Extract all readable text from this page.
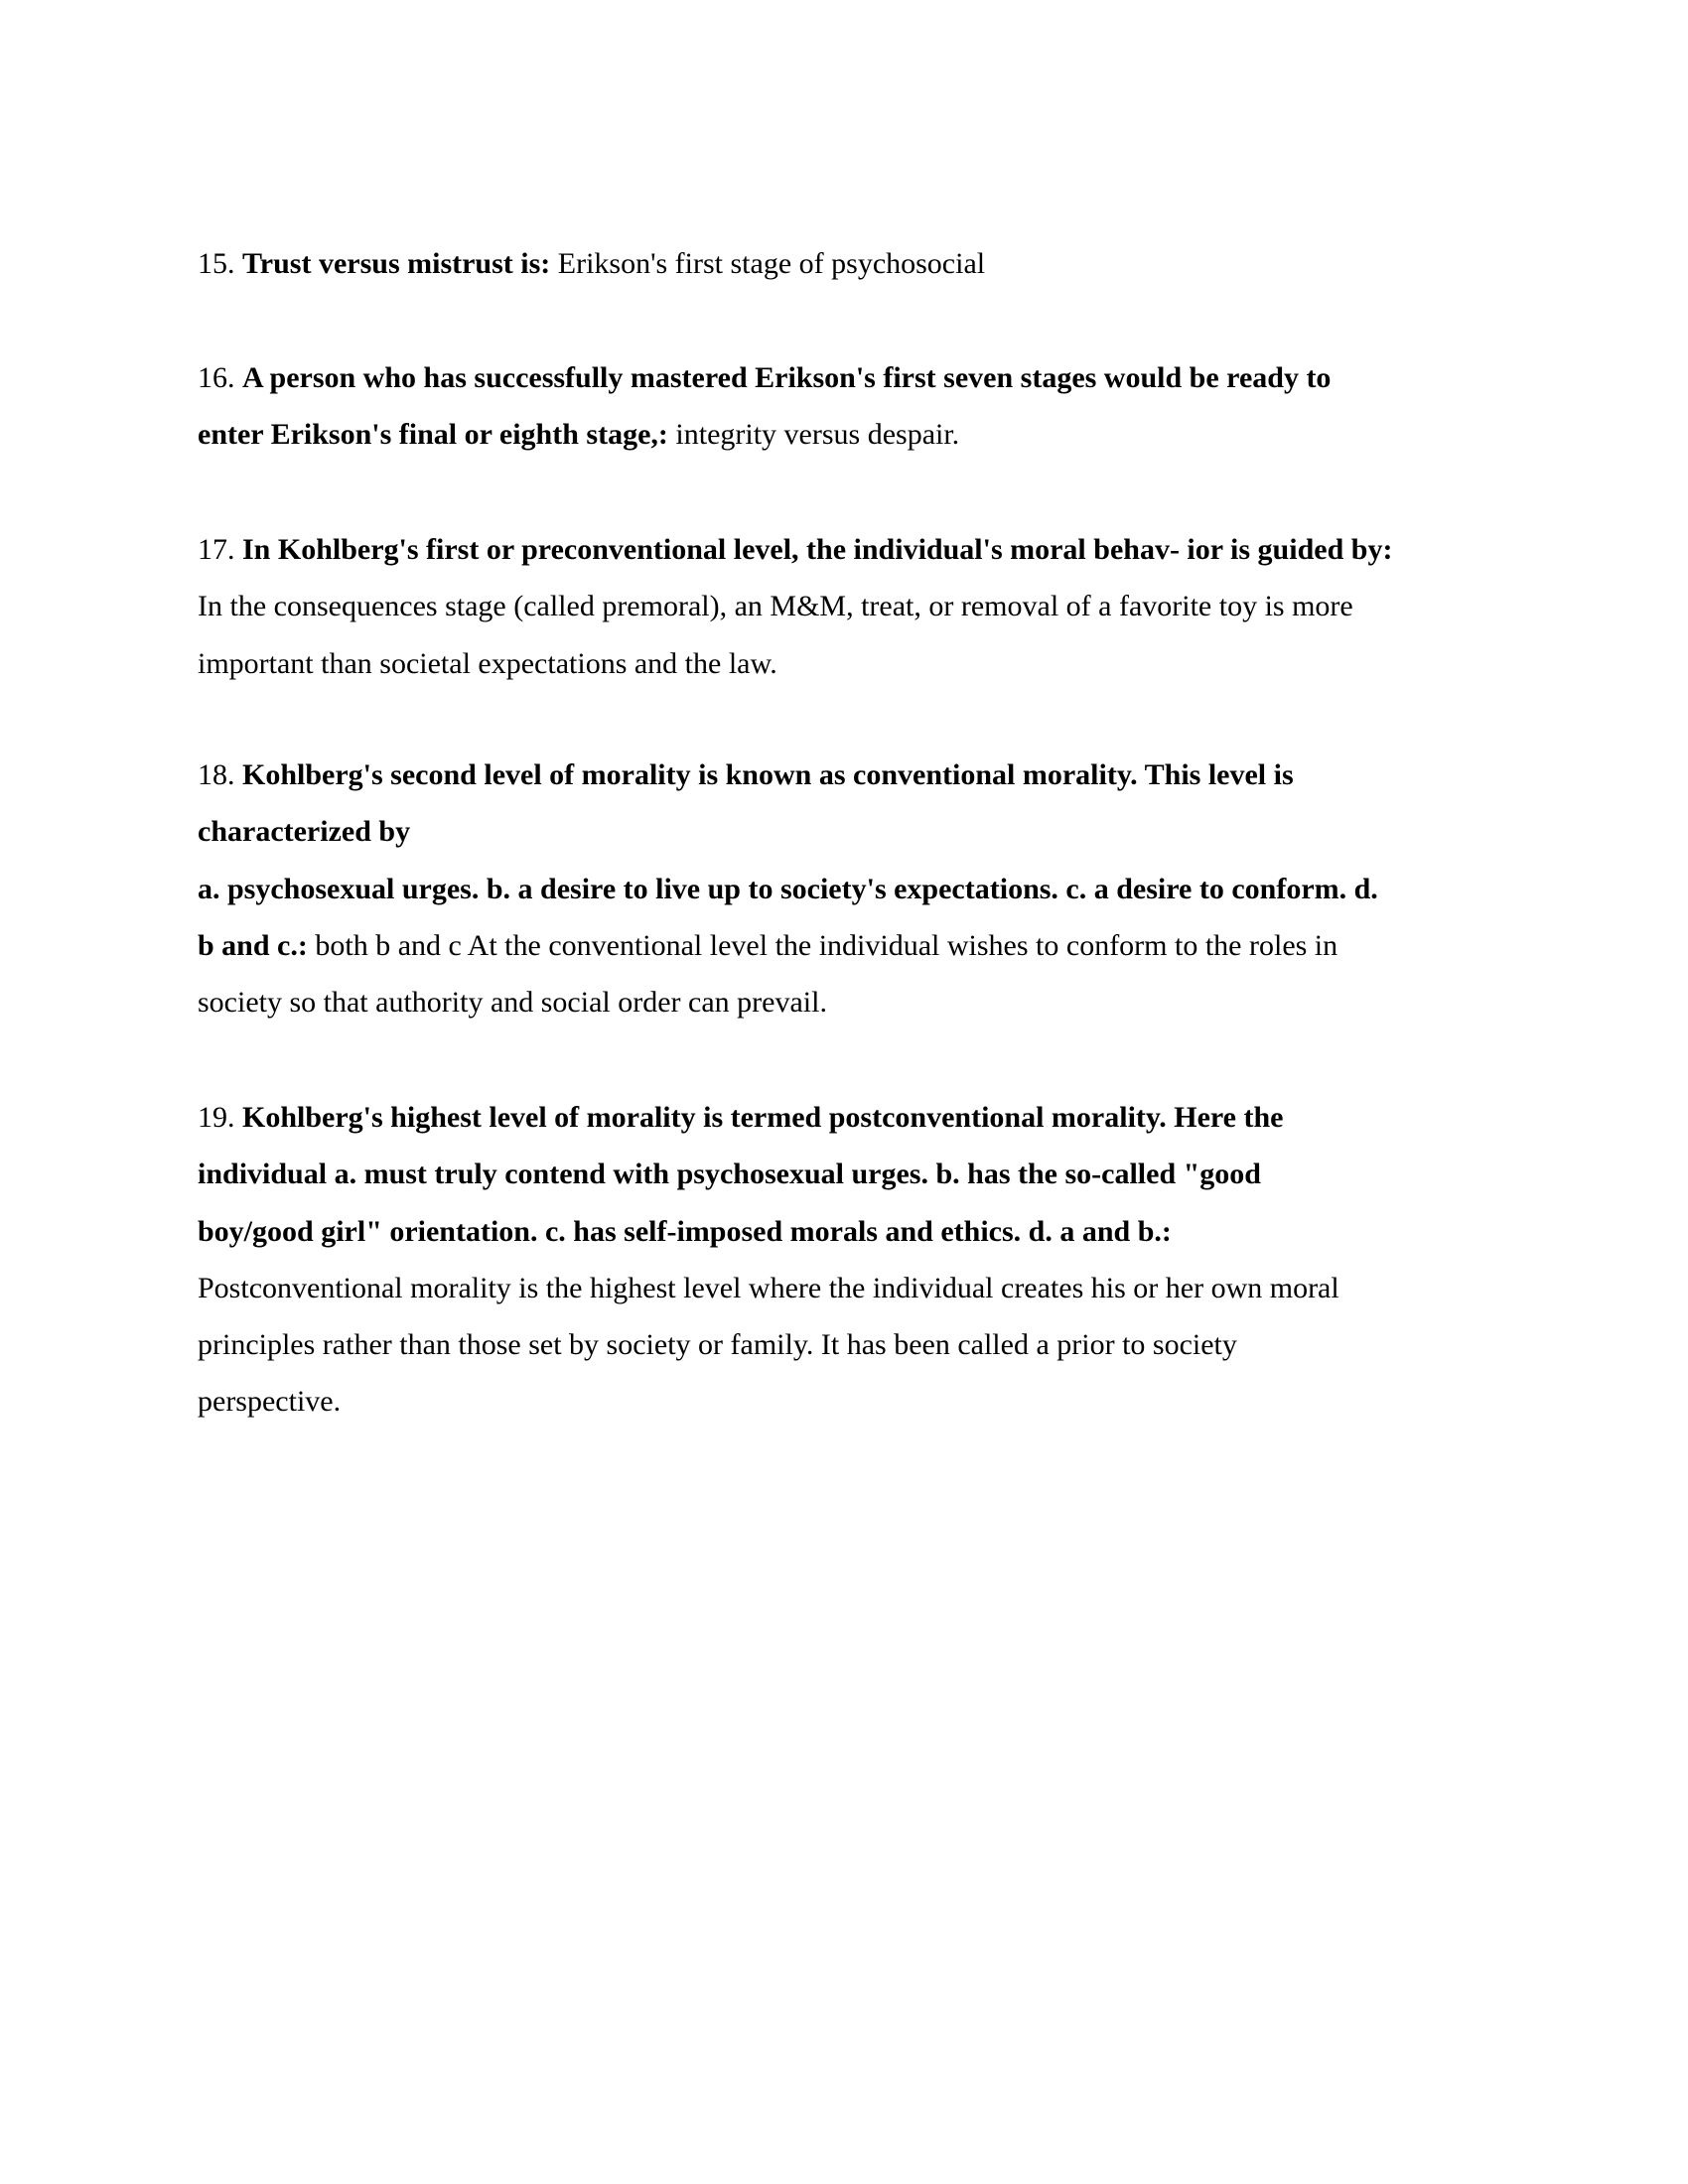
15. Trust versus mistrust is: Erikson's first stage of psychosocial
16. A person who has successfully mastered Erikson's first seven stages would be ready to
enter Erikson's final or eighth stage,: integrity versus despair.
17. In Kohlberg's first or preconventional level, the individual's moral behav- ior is guided by:
In the consequences stage (called premoral), an M&M, treat, or removal of a favorite toy is more
important than societal expectations and the law.
18. Kohlberg's second level of morality is known as conventional morality. This level is
characterized by
a. psychosexual urges. b. a desire to live up to society's expectations. c. a desire to conform. d.
b and c.: both b and c At the conventional level the individual wishes to conform to the roles in
society so that authority and social order can prevail.
19. Kohlberg's highest level of morality is termed postconventional morality. Here the
individual a. must truly contend with psychosexual urges. b. has the so-called "good
boy/good girl" orientation. c. has self-imposed morals and ethics. d. a and b.:
Postconventional morality is the highest level where the individual creates his or her own moral
principles rather than those set by society or family. It has been called a prior to society
perspective.
